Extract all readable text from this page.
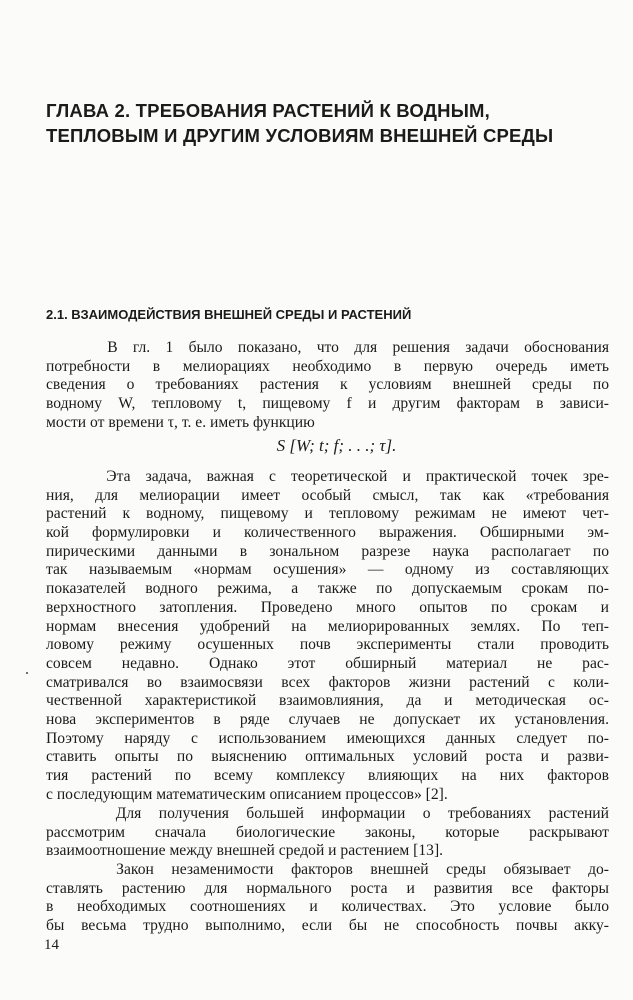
ГЛАВА 2. ТРЕБОВАНИЯ РАСТЕНИЙ К ВОДНЫМ,
ТЕПЛОВЫМ И ДРУГИМ УСЛОВИЯМ ВНЕШНЕЙ СРЕДЫ
2.1. ВЗАИМОДЕЙСТВИЯ ВНЕШНЕЙ СРЕДЫ И РАСТЕНИЙ
В гл. 1 было показано, что для решения задачи обоснования
потребности в мелиорациях необходимо в первую очередь иметь
сведения о требованиях растения к условиям внешней среды по
водному W, тепловому t, пищевому f и другим факторам в зависи-
мости от времени τ, т. е. иметь функцию
S [W; t; f; . . .; τ].
Эта задача, важная с теоретической и практической точек зре-
ния, для мелиорации имеет особый смысл, так как «требования
растений к водному, пищевому и тепловому режимам не имеют чет-
кой формулировки и количественного выражения. Обширными эм-
пирическими данными в зональном разрезе наука располагает по
так называемым «нормам осушения» — одному из составляющих
показателей водного режима, а также по допускаемым срокам по-
верхностного затопления. Проведено много опытов по срокам и
нормам внесения удобрений на мелиорированных землях. По теп-
ловому режиму осушенных почв эксперименты стали проводить
совсем недавно. Однако этот обширный материал не рас-
сматривался во взаимосвязи всех факторов жизни растений с коли-
чественной характеристикой взаимовлияния, да и методическая ос-
нова экспериментов в ряде случаев не допускает их установления.
Поэтому наряду с использованием имеющихся данных следует по-
ставить опыты по выяснению оптимальных условий роста и разви-
тия растений по всему комплексу влияющих на них факторов
с последующим математическим описанием процессов» [2].
Для получения большей информации о требованиях растений
рассмотрим сначала биологические законы, которые раскрывают
взаимоотношение между внешней средой и растением [13].
Закон незаменимости факторов внешней среды обязывает до-
ставлять растению для нормального роста и развития все факторы
в необходимых соотношениях и количествах. Это условие было
бы весьма трудно выполнимо, если бы не способность почвы акку-
14
